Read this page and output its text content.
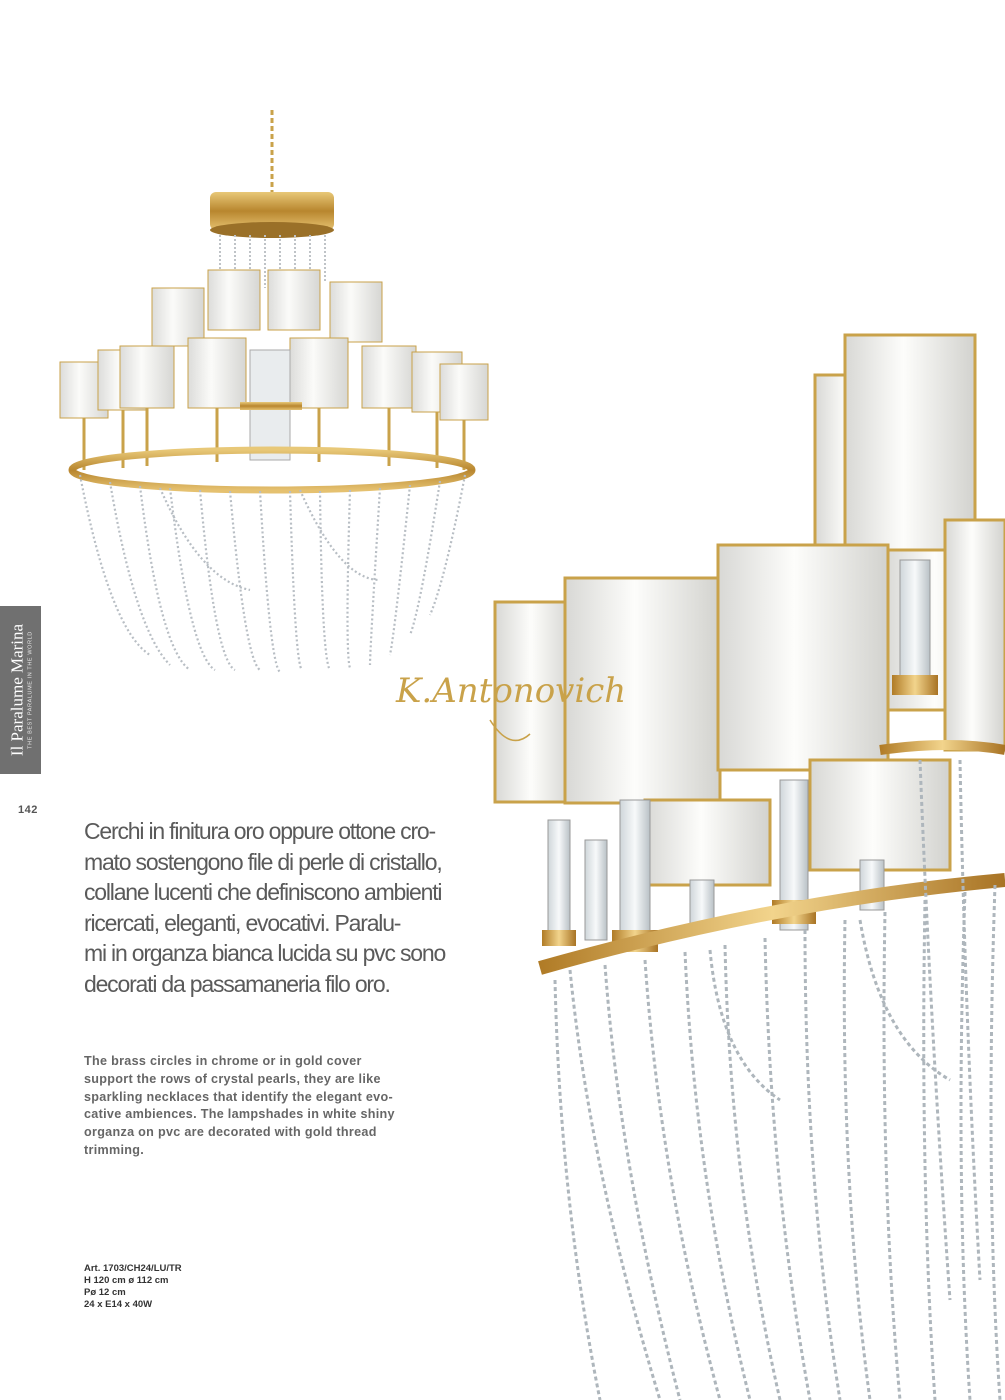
K.Antonovich
Il Paralume Marina THE BEST PARALUME IN THE WORLD
142
Cerchi in finitura oro oppure ottone cro-
mato sostengono file di perle di cristallo,
collane lucenti che definiscono ambienti
ricercati, eleganti, evocativi. Paralu-
mi in organza bianca lucida su pvc sono
decorati da passamaneria filo oro.
The brass circles in chrome or in gold cover
support the rows of crystal pearls, they are like
sparkling necklaces that identify the elegant evo-
cative ambiences. The lampshades in white shiny
organza on pvc are decorated with gold thread
trimming.
Art. 1703/CH24/LU/TR
H 120 cm ø 112 cm
Pø 12 cm
24 x E14 x 40W
